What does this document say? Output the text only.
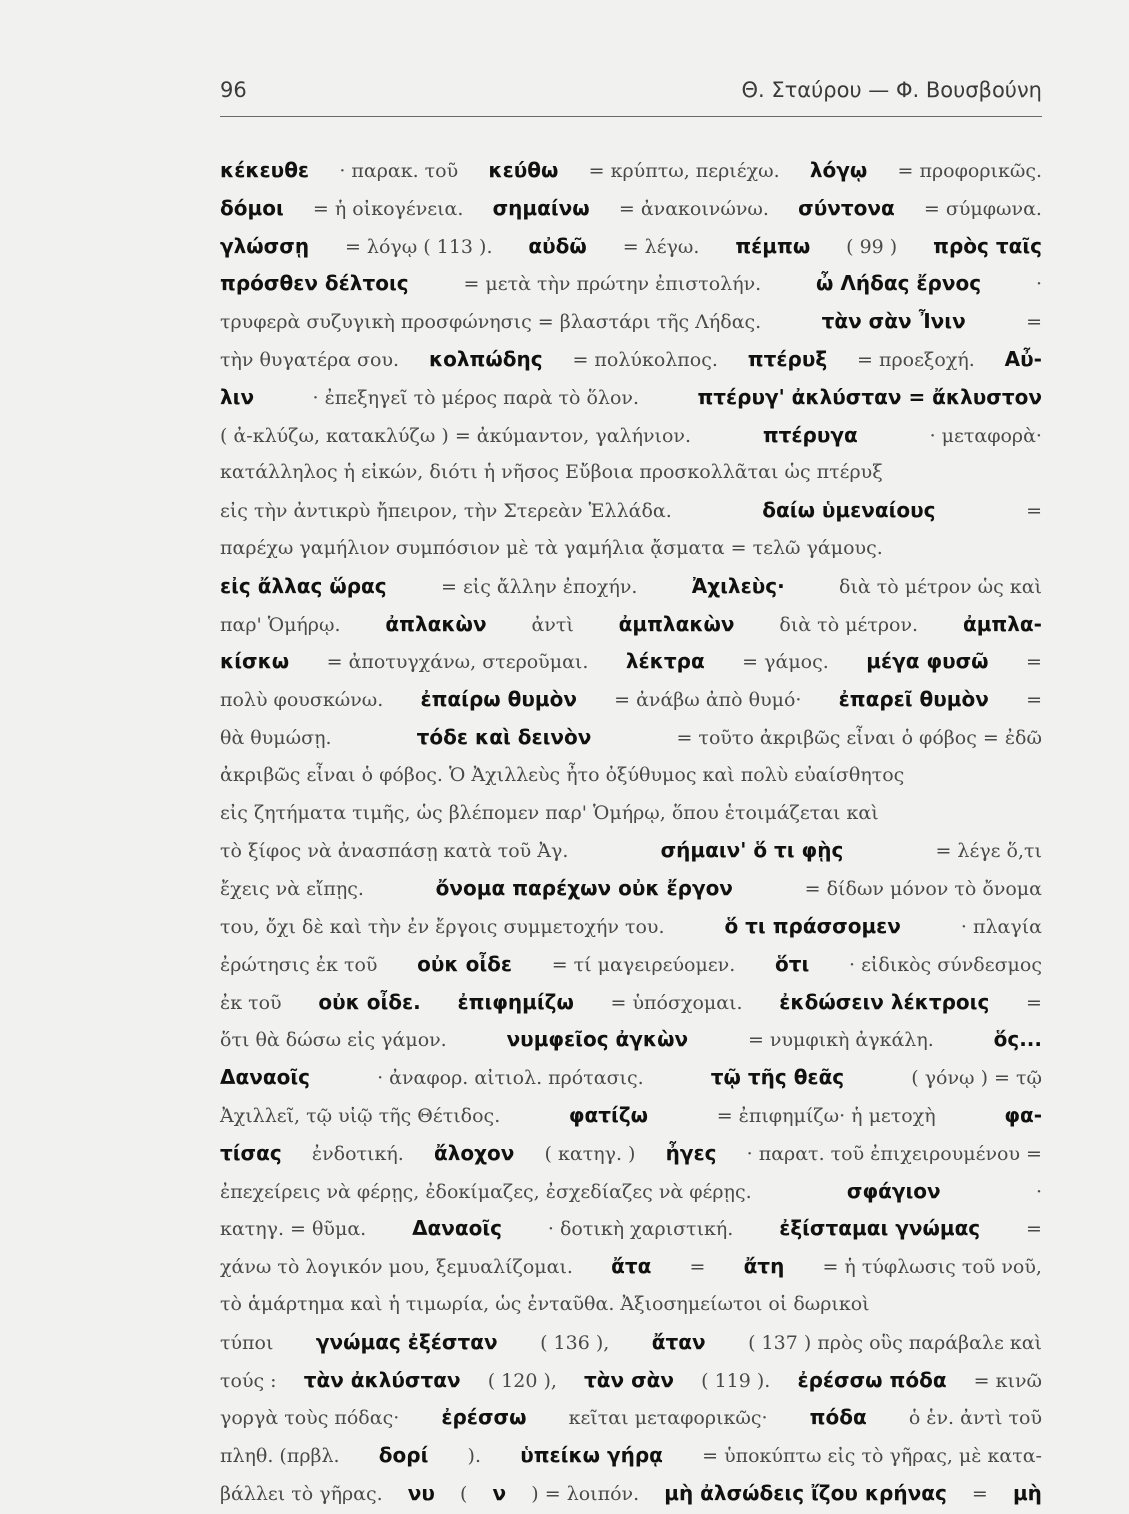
96	Θ. Σταύρου — Φ. Βουσβούνη
κέκευθε · παρακ. τοῦ κεύθω = κρύπτω, περιέχω. λόγῳ = προφορικῶς.
δόμοι = ἡ οἰκογένεια. σημαίνω = ἀνακοινώνω. σύντονα = σύμφωνα.
γλώσσῃ = λόγῳ ( 113 ). αὐδῶ = λέγω. πέμπω ( 99 ) πρὸς ταῖς
πρόσθεν δέλτοις	= μετὰ τὴν πρώτην ἐπιστολήν.	ὦ Λήδας ἔρνος	·
τρυφερὰ συζυγικὴ προσφώνησις = βλαστάρι τῆς Λήδας.	τὰν σὰν Ἶνιν	=
τὴν θυγατέρα σου. κολπώδης = πολύκολπος. πτέρυξ = προεξοχή. Αὖ-
λιν	· ἐπεξηγεῖ τὸ μέρος παρὰ τὸ ὅλον.	πτέρυγ' ἀκλύσταν = ἄκλυστον
( ἀ-κλύζω, κατακλύζω ) = ἀκύμαντον, γαλήνιον.	πτέρυγα	· μεταφορὰ·
κατάλληλος ἡ εἰκών, διότι ἡ νῆσος Εὔβοια προσκολλᾶται ὡς πτέρυξ
εἰς τὴν ἀντικρὺ ἤπειρον, τὴν Στερεὰν Ἑλλάδα.	δαίω ὑμεναίους	=
παρέχω γαμήλιον συμπόσιον μὲ τὰ γαμήλια ᾄσματα = τελῶ γάμους.
εἰς ἄλλας ὥρας	= εἰς ἄλλην ἐποχήν.	Ἀχιλεὺς·	διὰ τὸ μέτρον ὡς καὶ
παρ' Ὁμήρῳ. ἀπλακὼν ἀντὶ ἀμπλακὼν διὰ τὸ μέτρον. ἀμπλα-
κίσκω = ἀποτυγχάνω, στεροῦμαι. λέκτρα = γάμος. μέγα φυσῶ =
πολὺ φουσκώνω. ἐπαίρω θυμὸν = ἀνάβω ἀπὸ θυμό· ἐπαρεῖ θυμὸν =
θὰ θυμώσῃ.	τόδε καὶ δεινὸν	= τοῦτο ἀκριβῶς εἶναι ὁ φόβος = ἐδῶ
ἀκριβῶς εἶναι ὁ φόβος. Ὁ Ἀχιλλεὺς ἦτο ὀξύθυμος καὶ πολὺ εὐαίσθητος
εἰς ζητήματα τιμῆς, ὡς βλέπομεν παρ' Ὁμήρῳ, ὅπου ἑτοιμάζεται καὶ
τὸ ξίφος νὰ ἀνασπάσῃ κατὰ τοῦ Ἀγ.	σήμαιν' ὅ τι φῂς	= λέγε ὅ,τι
ἔχεις νὰ εἴπῃς.	ὄνομα παρέχων οὐκ ἔργον	= δίδων μόνον τὸ ὄνομα
του, ὄχι δὲ καὶ τὴν ἐν ἔργοις συμμετοχήν του.	ὅ τι πράσσομεν	· πλαγία
ἐρώτησις ἐκ τοῦ οὐκ οἶδε = τί μαγειρεύομεν. ὅτι · εἰδικὸς σύνδεσμος
ἐκ τοῦ οὐκ οἶδε. ἐπιφημίζω = ὑπόσχομαι. ἐκδώσειν λέκτροις =
ὅτι θὰ δώσω εἰς γάμον.	νυμφεῖος ἀγκὼν	= νυμφικὴ ἀγκάλη.	ὅς...
Δαναοῖς	· ἀναφορ. αἰτιολ. πρότασις.	τῷ τῆς θεᾶς	( γόνῳ ) = τῷ
Ἀχιλλεῖ, τῷ υἱῷ τῆς Θέτιδος.	φατίζω	= ἐπιφημίζω· ἡ μετοχὴ	φα-
τίσας ἐνδοτική. ἄλοχον ( κατηγ. ) ἦγες · παρατ. τοῦ ἐπιχειρουμένου =
ἐπεχείρεις νὰ φέρῃς, ἐδοκίμαζες, ἐσχεδίαζες νὰ φέρῃς.	σφάγιον	·
κατηγ. = θῦμα. Δαναοῖς · δοτικὴ χαριστική. ἐξίσταμαι γνώμας =
χάνω τὸ λογικόν μου, ξεμυαλίζομαι. ἄτα = ἄτη = ἡ τύφλωσις τοῦ νοῦ,
τὸ ἁμάρτημα καὶ ἡ τιμωρία, ὡς ἐνταῦθα. Ἀξιοσημείωτοι οἱ δωρικοὶ
τύποι γνώμας ἐξέσταν ( 136 ), ἄταν ( 137 ) πρὸς οὓς παράβαλε καὶ
τούς : τὰν ἀκλύσταν ( 120 ), τὰν σὰν ( 119 ). ἐρέσσω πόδα = κινῶ
γοργὰ τοὺς πόδας· ἐρέσσω κεῖται μεταφορικῶς· πόδα ὁ ἑν. ἀντὶ τοῦ
πληθ. (πρβλ. δορί ). ὑπείκω γήρᾳ = ὑποκύπτω εἰς τὸ γῆρας, μὲ κατα-
βάλλει τὸ γῆρας. νυ ( ν ) = λοιπόν. μὴ ἀλσώδεις ἴζου κρήνας = μὴ
